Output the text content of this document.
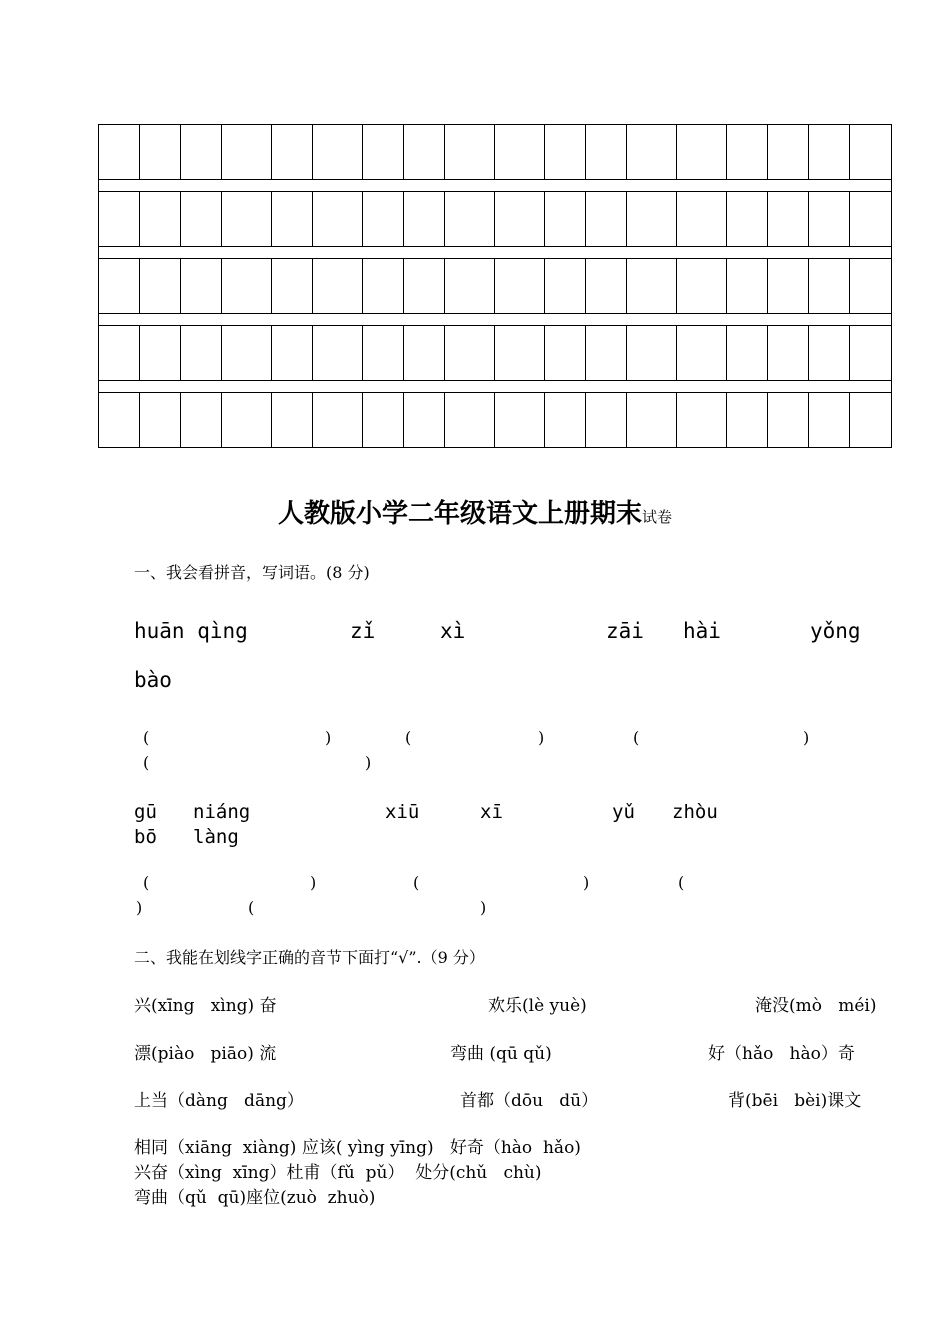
人教版小学二年级语文上册期末试卷
一、我会看拼音，写词语。(8 分)
huān qìng	zǐ	xì	zāi hài	yǒng
bào
(	)	(	)	(	)
(	)
gū niáng	xiū	xī	yǔ zhòu
bō làng
(	)	(	)	(
)	(	)
二、我能在划线字正确的音节下面打“√”.（9 分）
兴(xīng   xìng) 奋	欢乐(lè yuè)	淹没(mò   méi)
漂(piào   piāo) 流	弯曲 (qū qǔ)	好（hǎo   hào）奇
上当（dàng   dāng）	首都（dōu   dū）	背(bēi   bèi)课文
相同（xiāng  xiàng) 应该( yìng yīng)   好奇（hào  hǎo)
兴奋（xìng  xīng）杜甫（fǔ  pǔ）  处分(chǔ   chù)
弯曲（qǔ  qū)座位(zuò  zhuò)
